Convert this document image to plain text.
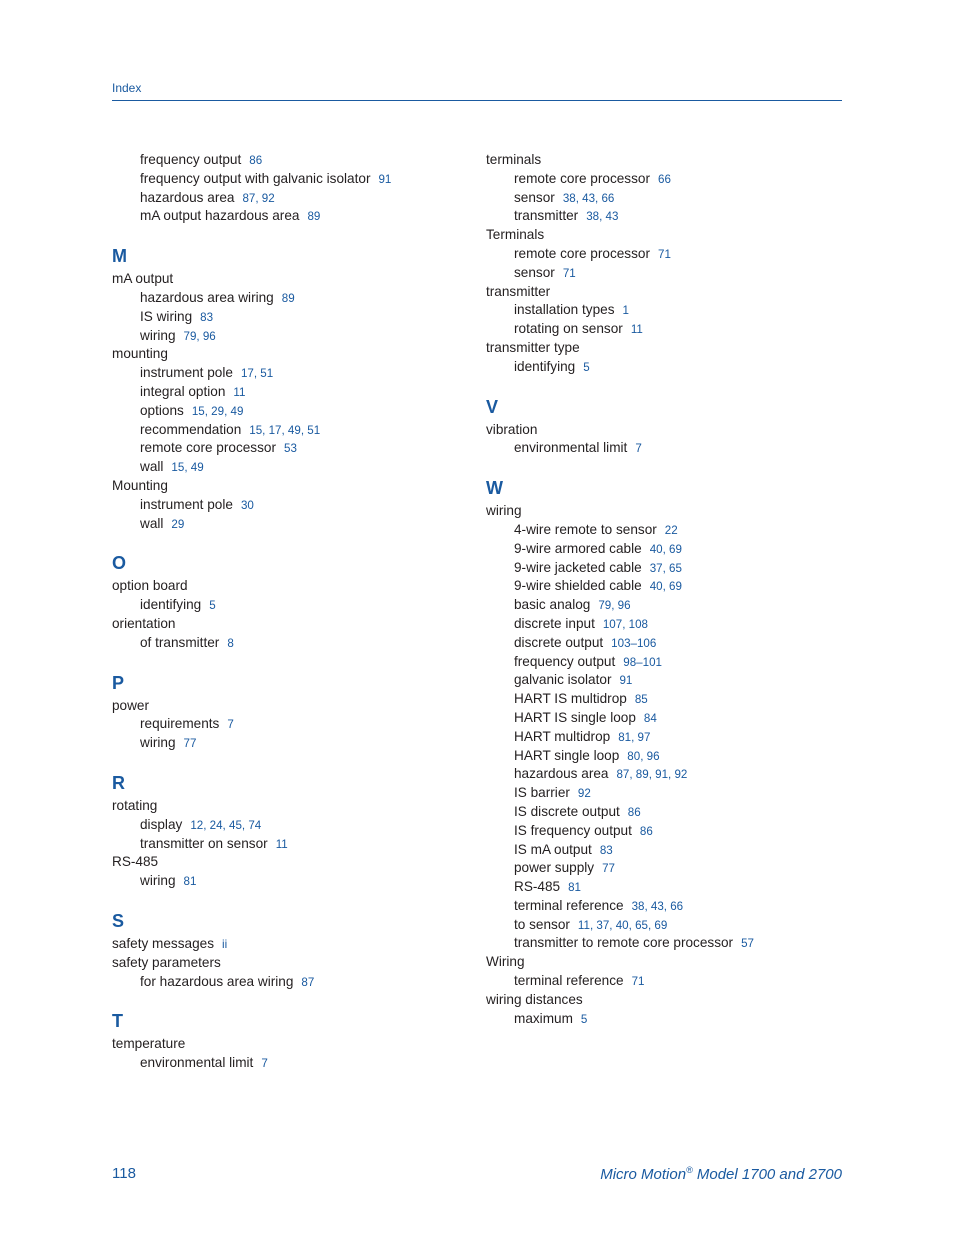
Index
frequency output 86
frequency output with galvanic isolator 91
hazardous area 87, 92
mA output hazardous area 89
M
mA output
hazardous area wiring 89
IS wiring 83
wiring 79, 96
mounting
instrument pole 17, 51
integral option 11
options 15, 29, 49
recommendation 15, 17, 49, 51
remote core processor 53
wall 15, 49
Mounting
instrument pole 30
wall 29
O
option board
identifying 5
orientation
of transmitter 8
P
power
requirements 7
wiring 77
R
rotating
display 12, 24, 45, 74
transmitter on sensor 11
RS-485
wiring 81
S
safety messages ii
safety parameters
for hazardous area wiring 87
T
temperature
environmental limit 7
terminals
remote core processor 66
sensor 38, 43, 66
transmitter 38, 43
Terminals
remote core processor 71
sensor 71
transmitter
installation types 1
rotating on sensor 11
transmitter type
identifying 5
V
vibration
environmental limit 7
W
wiring
4-wire remote to sensor 22
9-wire armored cable 40, 69
9-wire jacketed cable 37, 65
9-wire shielded cable 40, 69
basic analog 79, 96
discrete input 107, 108
discrete output 103–106
frequency output 98–101
galvanic isolator 91
HART IS multidrop 85
HART IS single loop 84
HART multidrop 81, 97
HART single loop 80, 96
hazardous area 87, 89, 91, 92
IS barrier 92
IS discrete output 86
IS frequency output 86
IS mA output 83
power supply 77
RS-485 81
terminal reference 38, 43, 66
to sensor 11, 37, 40, 65, 69
transmitter to remote core processor 57
Wiring
terminal reference 71
wiring distances
maximum 5
118	Micro Motion® Model 1700 and 2700
